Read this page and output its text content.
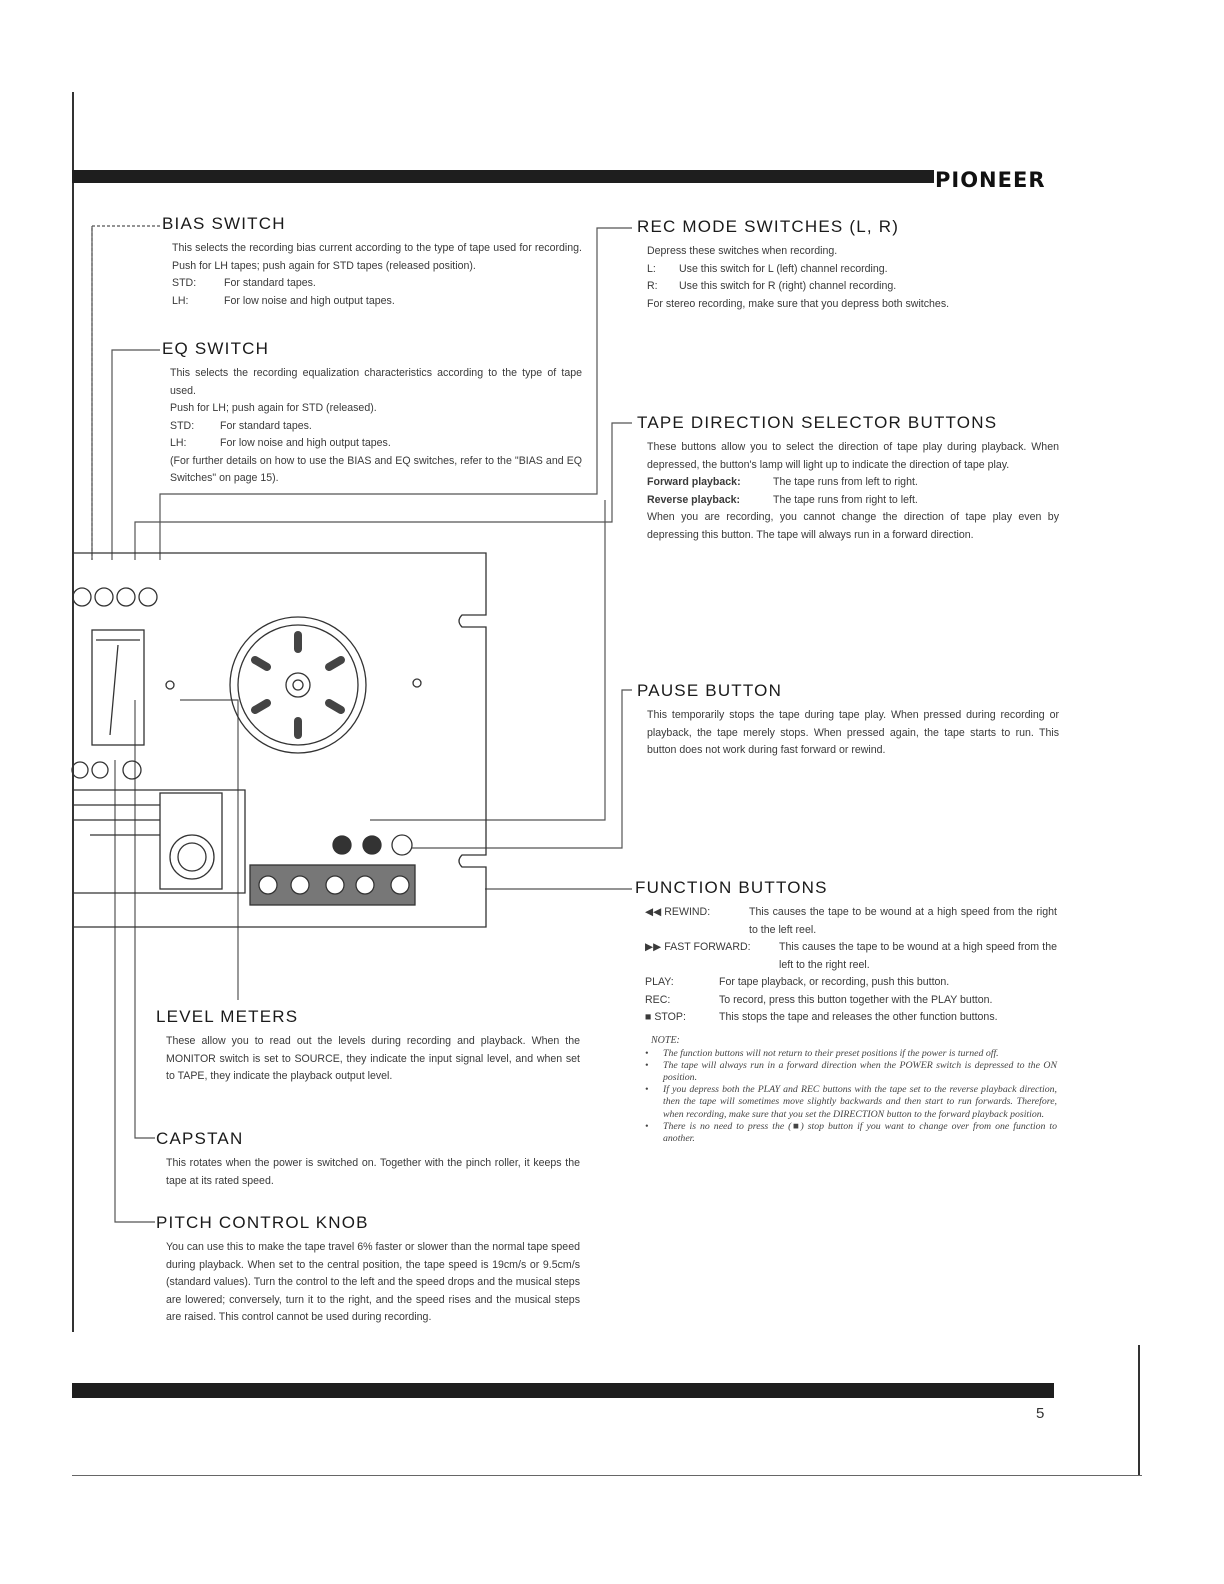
PIONEER
5
BIAS SWITCH

This selects the recording bias current according to the type of tape used for recording. Push for LH tapes; push again for STD tapes (released position).

STD:	For standard tapes.
LH:	For low noise and high output tapes.
EQ SWITCH

This selects the recording equalization characteristics according to the type of tape used.

Push for LH; push again for STD (released).

STD:	For standard tapes.
LH:	For low noise and high output tapes.

(For further details on how to use the BIAS and EQ switches, refer to the "BIAS and EQ Switches" on page 15).

REC MODE SWITCHES (L, R)

Depress these switches when recording.

L:	Use this switch for L (left) channel recording.
R:	Use this switch for R (right) channel recording.

For stereo recording, make sure that you depress both switches.

TAPE DIRECTION SELECTOR BUTTONS

These buttons allow you to select the direction of tape play during playback. When depressed, the button's lamp will light up to indicate the direction of tape play.

Forward playback:	The tape runs from left to right.
Reverse playback:	The tape runs from right to left.

When you are recording, you cannot change the direction of tape play even by depressing this button. The tape will always run in a forward direction.

PAUSE BUTTON

This temporarily stops the tape during tape play. When pressed during recording or playback, the tape merely stops. When pressed again, the tape starts to run. This button does not work during fast forward or rewind.

FUNCTION BUTTONS
◀◀ REWIND:	This causes the tape to be wound at a high speed from the right to the left reel.
▶▶ FAST FORWARD:	This causes the tape to be wound at a high speed from the left to the right reel.
PLAY:	For tape playback, or recording, push this button.
REC:	To record, press this button together with the PLAY button.
■ STOP:	This stops the tape and releases the other function buttons.
NOTE:
•	The function buttons will not return to their preset positions if the power is turned off.
•	The tape will always run in a forward direction when the POWER switch is depressed to the ON position.
•	If you depress both the PLAY and REC buttons with the tape set to the reverse playback direction, then the tape will sometimes move slightly backwards and then start to run forwards. Therefore, when recording, make sure that you set the DIRECTION button to the forward playback position.
•	There is no need to press the (■) stop button if you want to change over from one function to another.
LEVEL METERS

These allow you to read out the levels during recording and playback. When the MONITOR switch is set to SOURCE, they indicate the input signal level, and when set to TAPE, they indicate the playback output level.

CAPSTAN

This rotates when the power is switched on. Together with the pinch roller, it keeps the tape at its rated speed.

PITCH CONTROL KNOB

You can use this to make the tape travel 6% faster or slower than the normal tape speed during playback. When set to the central position, the tape speed is 19cm/s or 9.5cm/s (standard values). Turn the control to the left and the speed drops and the musical steps are lowered; conversely, turn it to the right, and the speed rises and the musical steps are raised. This control cannot be used during recording.
